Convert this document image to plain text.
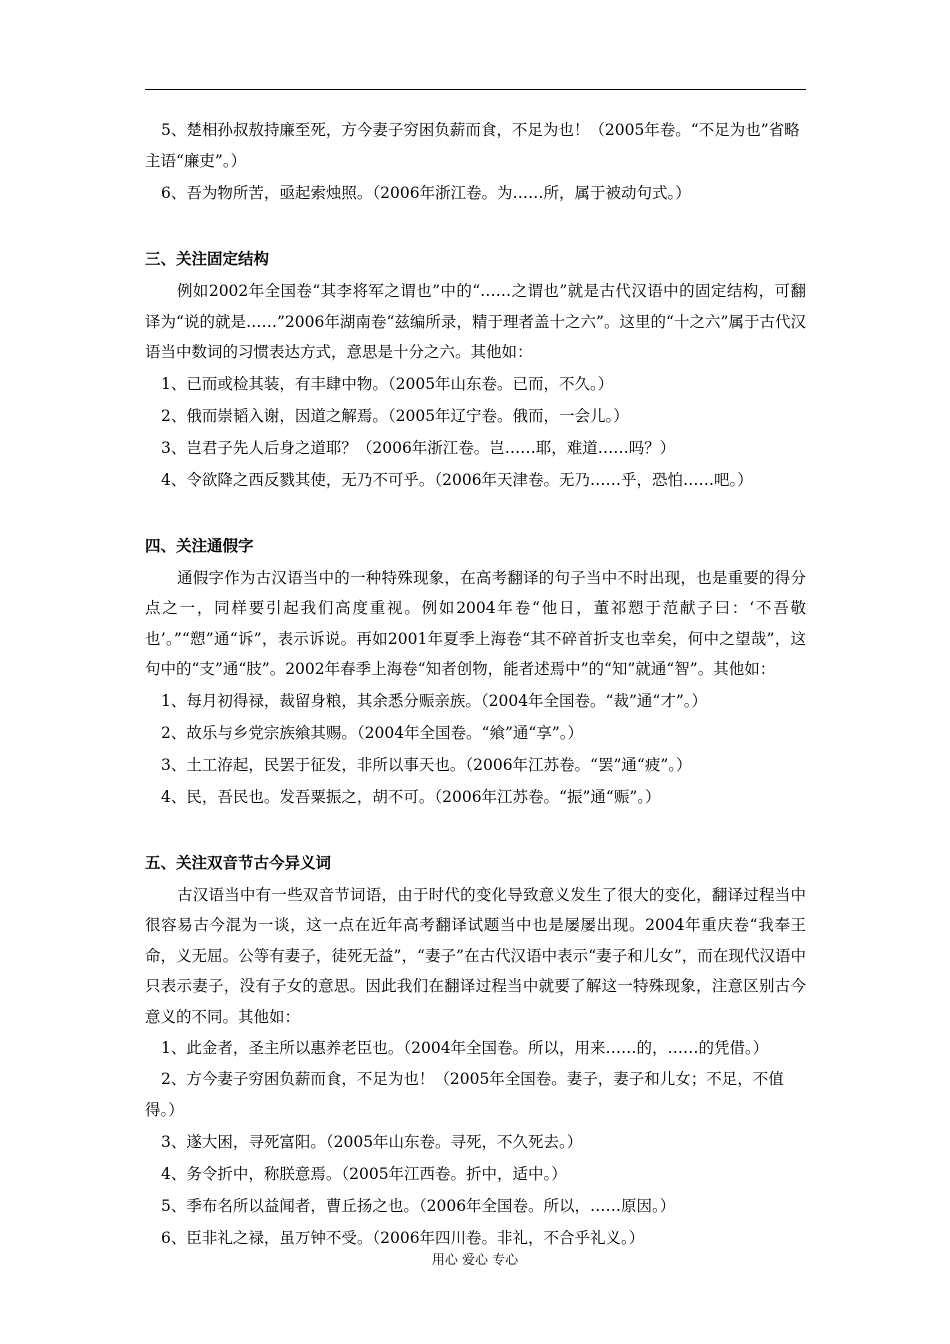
5、楚相孙叔敖持廉至死，方今妻子穷困负薪而食，不足为也！（2005年卷。“不足为也”省略主语“廉吏”。）

6、吾为物所苦，亟起索烛照。（2006年浙江卷。为……所，属于被动句式。）

三、关注固定结构

例如2002年全国卷“其李将军之谓也”中的“……之谓也”就是古代汉语中的固定结构，可翻译为“说的就是……”2006年湖南卷“兹编所录，精于理者盖十之六”。这里的“十之六”属于古代汉语当中数词的习惯表达方式，意思是十分之六。其他如：

1、已而或检其装，有丰肆中物。（2005年山东卷。已而，不久。）

2、俄而崇韬入谢，因道之解焉。（2005年辽宁卷。俄而，一会儿。）

3、岂君子先人后身之道耶？（2006年浙江卷。岂……耶，难道……吗？）

4、令欲降之西反戮其使，无乃不可乎。（2006年天津卷。无乃……乎，恐怕……吧。）

四、关注通假字

通假字作为古汉语当中的一种特殊现象，在高考翻译的句子当中不时出现，也是重要的得分点之一，同样要引起我们高度重视。例如2004年卷“他日，董祁愬于范献子曰：‘不吾敬也’。”“愬”通“诉”，表示诉说。再如2001年夏季上海卷“其不碎首折支也幸矣，何中之望哉”，这句中的“支”通“肢”。2002年春季上海卷“知者创物，能者述焉中”的“知”就通“智”。其他如：

1、每月初得禄，裁留身粮，其余悉分赈亲族。（2004年全国卷。“裁”通“才”。）

2、故乐与乡党宗族飨其赐。（2004年全国卷。“飨”通“享”。）

3、土工洊起，民罢于征发，非所以事天也。（2006年江苏卷。“罢”通“疲”。）

4、民，吾民也。发吾粟振之，胡不可。（2006年江苏卷。“振”通“赈”。）

五、关注双音节古今异义词

古汉语当中有一些双音节词语，由于时代的变化导致意义发生了很大的变化，翻译过程当中很容易古今混为一谈，这一点在近年高考翻译试题当中也是屡屡出现。2004年重庆卷“我奉王命，义无屈。公等有妻子，徒死无益”，“妻子”在古代汉语中表示“妻子和儿女”，而在现代汉语中只表示妻子，没有子女的意思。因此我们在翻译过程当中就要了解这一特殊现象，注意区别古今意义的不同。其他如：

1、此金者，圣主所以惠养老臣也。（2004年全国卷。所以，用来……的，……的凭借。）

2、方今妻子穷困负薪而食，不足为也！（2005年全国卷。妻子，妻子和儿女；不足，不值得。）

3、遂大困，寻死富阳。（2005年山东卷。寻死，不久死去。）

4、务令折中，称朕意焉。（2005年江西卷。折中，适中。）

5、季布名所以益闻者，曹丘扬之也。（2006年全国卷。所以，……原因。）

6、臣非礼之禄，虽万钟不受。（2006年四川卷。非礼，不合乎礼义。）

用心 爱心 专心
